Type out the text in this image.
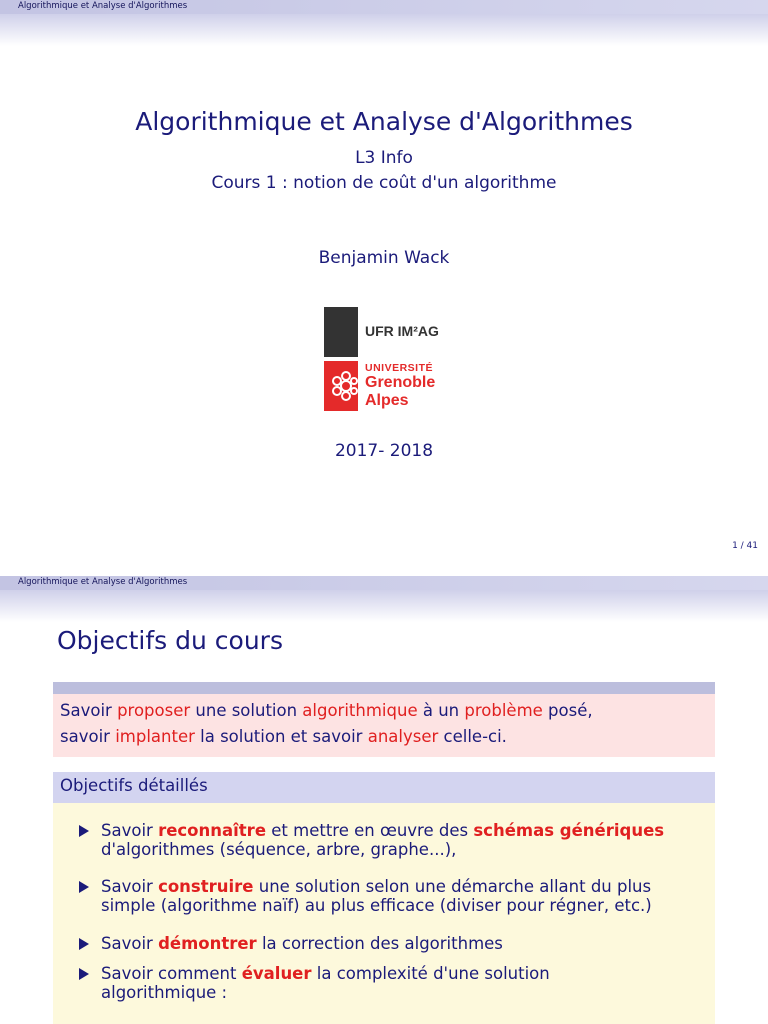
Algorithmique et Analyse d'Algorithmes
Algorithmique et Analyse d'Algorithmes
L3 Info
Cours 1 : notion de coût d'un algorithme
Benjamin Wack
UFR IM²AG
UNIVERSITÉ
Grenoble
Alpes
2017- 2018
1 / 41
Algorithmique et Analyse d'Algorithmes
Objectifs du cours
Savoir proposer une solution algorithmique à un problème posé,
savoir implanter la solution et savoir analyser celle-ci.
Objectifs détaillés
Savoir reconnaître et mettre en œuvre des schémas génériques
d'algorithmes (séquence, arbre, graphe...),
Savoir construire une solution selon une démarche allant du plus
simple (algorithme naïf) au plus efficace (diviser pour régner, etc.)
Savoir démontrer la correction des algorithmes
Savoir comment évaluer la complexité d'une solution
algorithmique :
